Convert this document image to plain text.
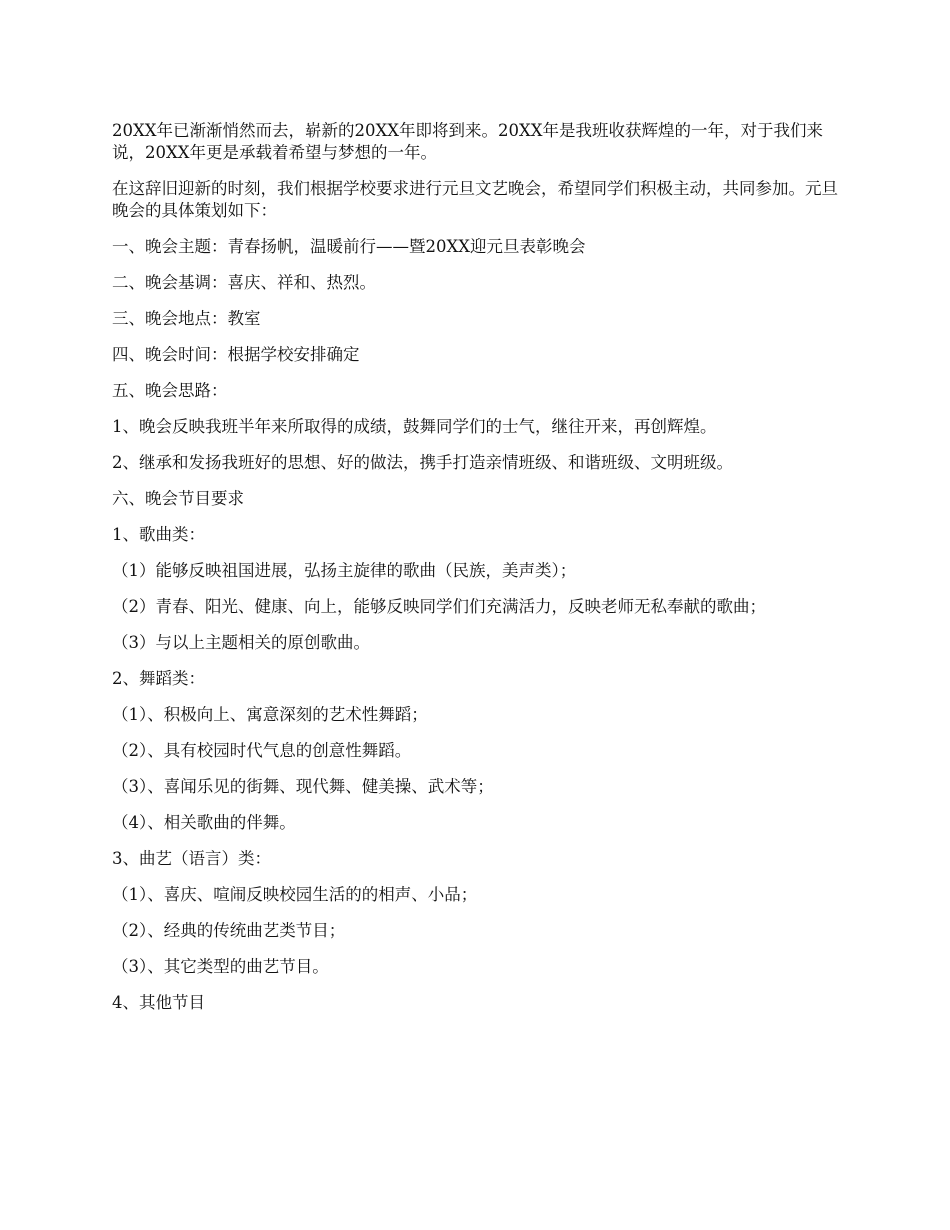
20XX年已渐渐悄然而去，崭新的20XX年即将到来。20XX年是我班收获辉煌的一年，对于我们来说，20XX年更是承载着希望与梦想的一年。

在这辞旧迎新的时刻，我们根据学校要求进行元旦文艺晚会，希望同学们积极主动，共同参加。元旦晚会的具体策划如下：

一、晚会主题：青春扬帆，温暖前行——暨20XX迎元旦表彰晚会

二、晚会基调：喜庆、祥和、热烈。

三、晚会地点：教室

四、晚会时间：根据学校安排确定

五、晚会思路：

1、晚会反映我班半年来所取得的成绩，鼓舞同学们的士气，继往开来，再创辉煌。

2、继承和发扬我班好的思想、好的做法，携手打造亲情班级、和谐班级、文明班级。

六、晚会节目要求

1、歌曲类：

（1）能够反映祖国进展，弘扬主旋律的歌曲（民族，美声类）；

（2）青春、阳光、健康、向上，能够反映同学们们充满活力，反映老师无私奉献的歌曲；

（3）与以上主题相关的原创歌曲。

2、舞蹈类：

（1）、积极向上、寓意深刻的艺术性舞蹈；

（2）、具有校园时代气息的创意性舞蹈。

（3）、喜闻乐见的街舞、现代舞、健美操、武术等；

（4）、相关歌曲的伴舞。

3、曲艺（语言）类：

（1）、喜庆、喧闹反映校园生活的的相声、小品；

（2）、经典的传统曲艺类节目；

（3）、其它类型的曲艺节目。

4、其他节目
